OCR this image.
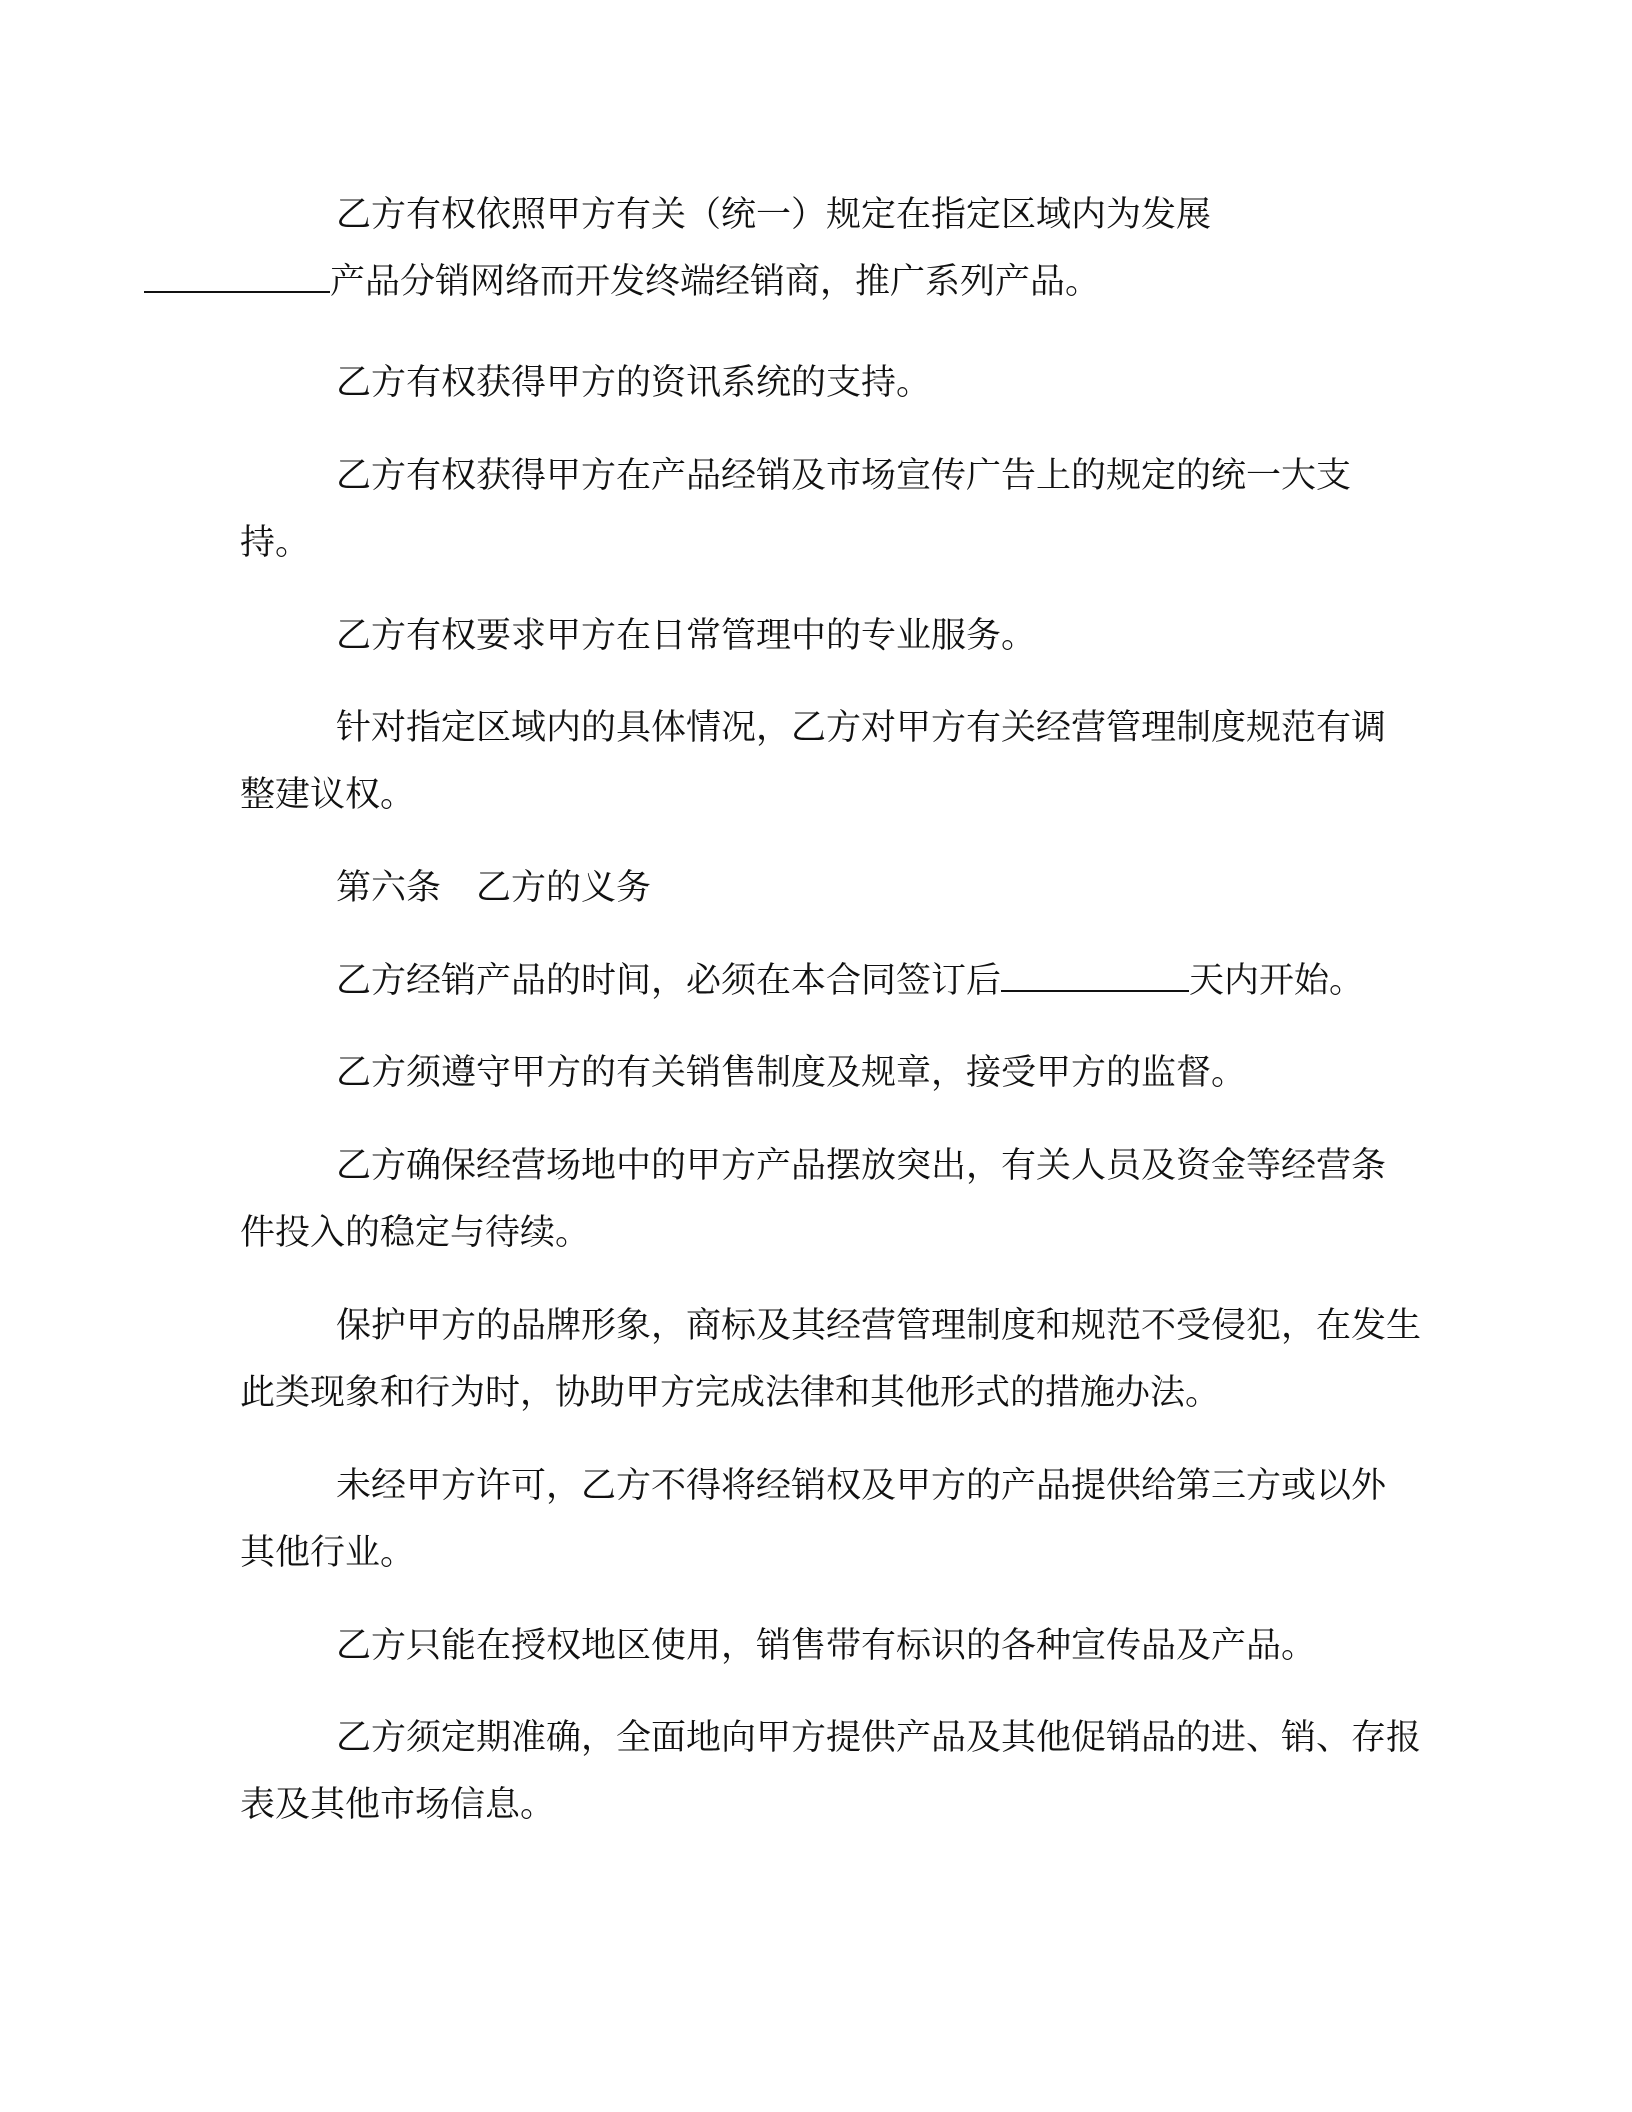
乙方有权依照甲方有关（统一）规定在指定区域内为发展
产品分销网络而开发终端经销商，推广系列产品。

乙方有权获得甲方的资讯系统的支持。

乙方有权获得甲方在产品经销及市场宣传广告上的规定的统一大支持。

乙方有权要求甲方在日常管理中的专业服务。

针对指定区域内的具体情况，乙方对甲方有关经营管理制度规范有调整建议权。

第六条　乙方的义务

乙方经销产品的时间，必须在本合同签订后	天内开始。

乙方须遵守甲方的有关销售制度及规章，接受甲方的监督。

乙方确保经营场地中的甲方产品摆放突出，有关人员及资金等经营条件投入的稳定与待续。

保护甲方的品牌形象，商标及其经营管理制度和规范不受侵犯，在发生此类现象和行为时，协助甲方完成法律和其他形式的措施办法。

未经甲方许可，乙方不得将经销权及甲方的产品提供给第三方或以外其他行业。

乙方只能在授权地区使用，销售带有标识的各种宣传品及产品。

乙方须定期准确，全面地向甲方提供产品及其他促销品的进、销、存报表及其他市场信息。
